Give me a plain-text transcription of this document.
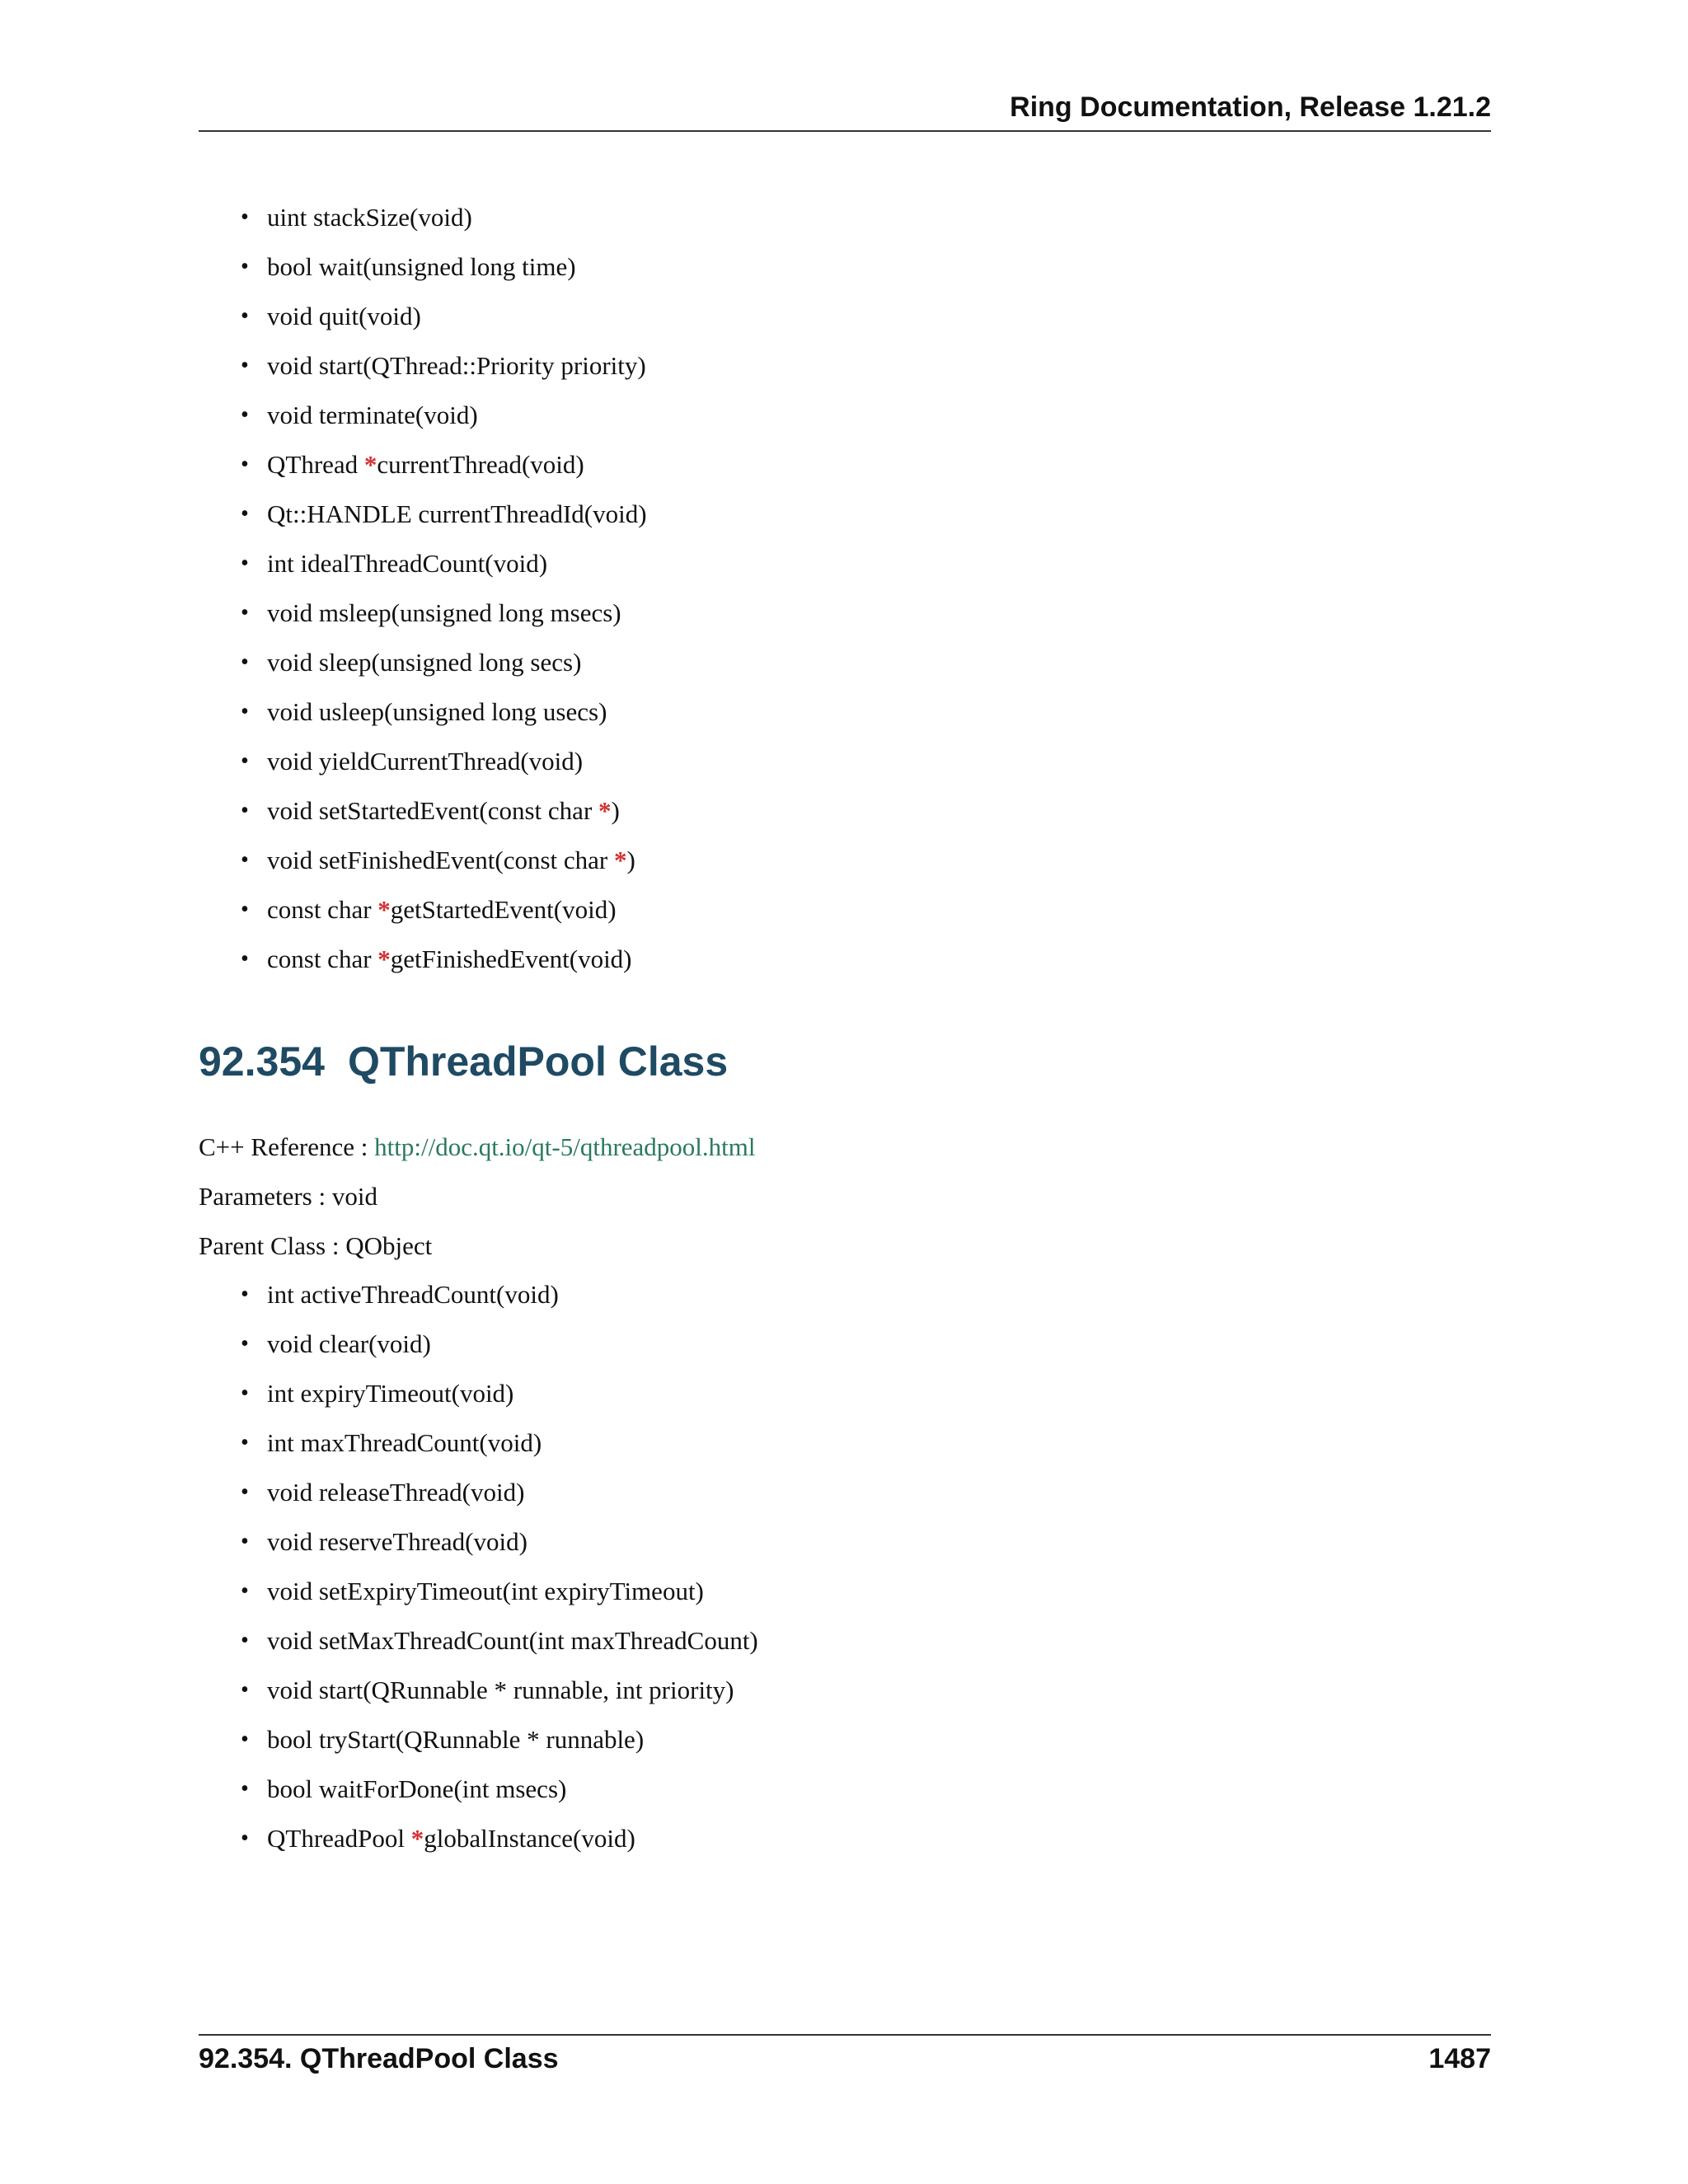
Ring Documentation, Release 1.21.2
• uint stackSize(void)
• bool wait(unsigned long time)
• void quit(void)
• void start(QThread::Priority priority)
• void terminate(void)
• QThread *currentThread(void)
• Qt::HANDLE currentThreadId(void)
• int idealThreadCount(void)
• void msleep(unsigned long msecs)
• void sleep(unsigned long secs)
• void usleep(unsigned long usecs)
• void yieldCurrentThread(void)
• void setStartedEvent(const char *)
• void setFinishedEvent(const char *)
• const char *getStartedEvent(void)
• const char *getFinishedEvent(void)
92.354 QThreadPool Class
C++ Reference : http://doc.qt.io/qt-5/qthreadpool.html
Parameters : void
Parent Class : QObject
• int activeThreadCount(void)
• void clear(void)
• int expiryTimeout(void)
• int maxThreadCount(void)
• void releaseThread(void)
• void reserveThread(void)
• void setExpiryTimeout(int expiryTimeout)
• void setMaxThreadCount(int maxThreadCount)
• void start(QRunnable * runnable, int priority)
• bool tryStart(QRunnable * runnable)
• bool waitForDone(int msecs)
• QThreadPool *globalInstance(void)
92.354. QThreadPool Class	1487
